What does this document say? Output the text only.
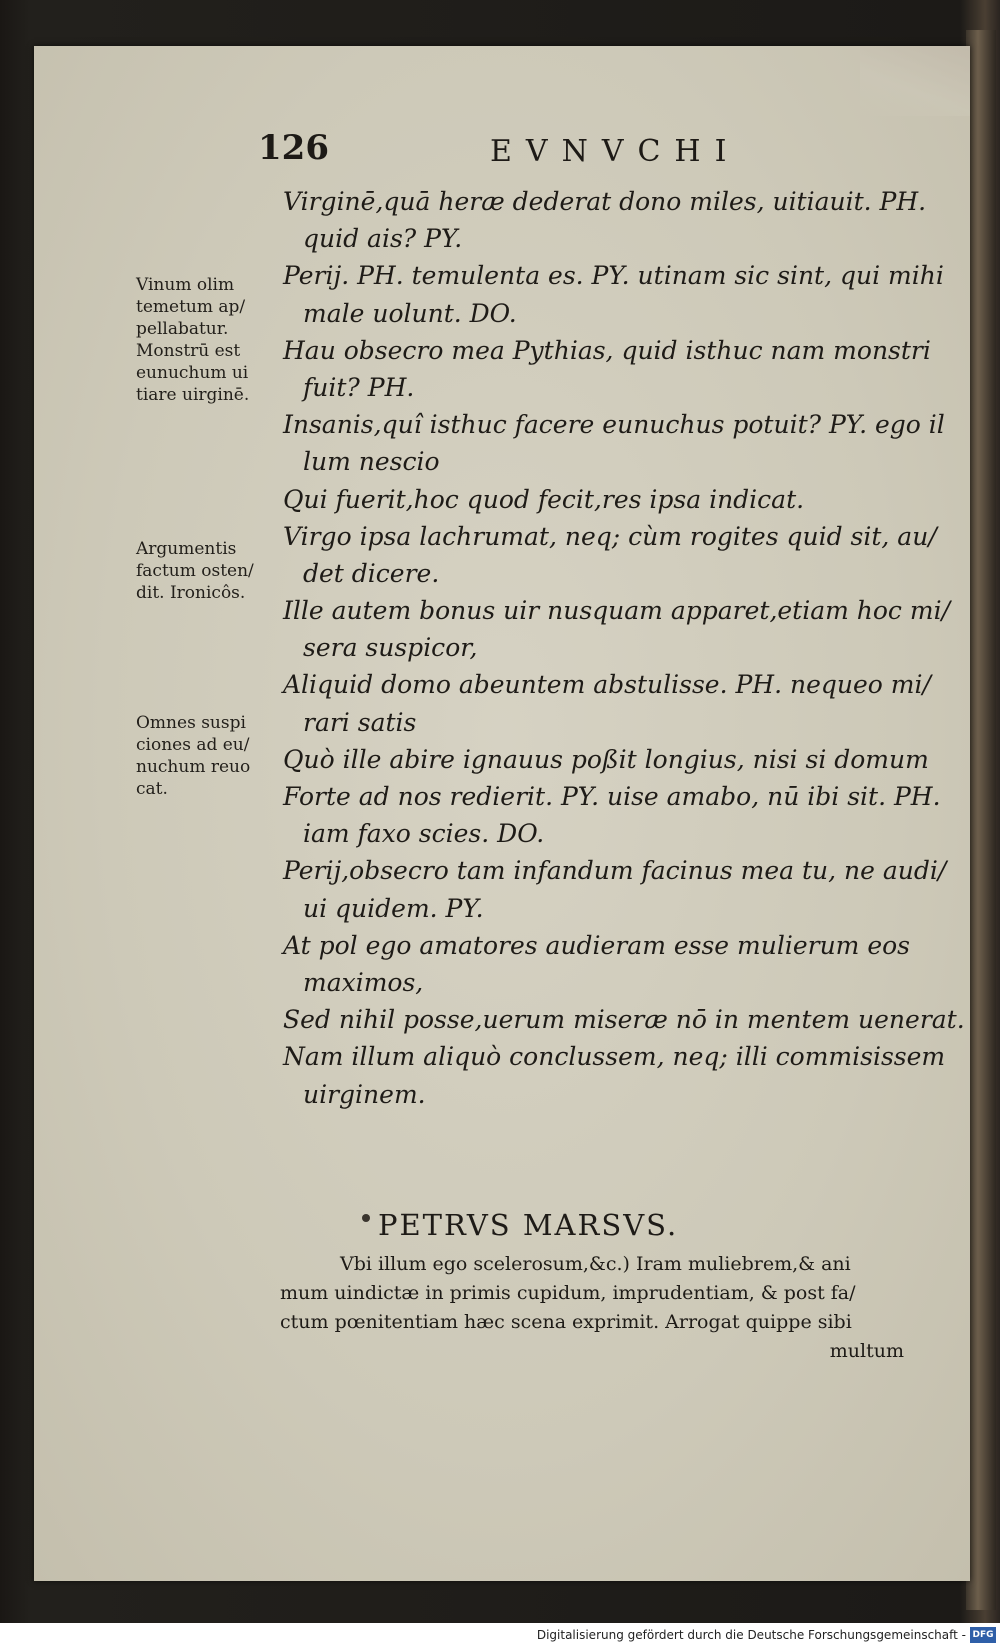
126	EVNVCHI
Virginē,quā heræ dederat dono miles, uitiauit. PH.
quid ais? PY.
Perij. PH. temulenta es. PY. utinam sic sint, qui mihi
male uolunt. DO.
Hau obsecro mea Pythias, quid isthuc nam monstri
fuit? PH.
Insanis,quî isthuc facere eunuchus potuit? PY. ego il
lum nescio
Qui fuerit,hoc quod fecit,res ipsa indicat.
Virgo ipsa lachrumat, neq; cùm rogites quid sit, au/
det dicere.
Ille autem bonus uir nusquam apparet,etiam hoc mi/
sera suspicor,
Aliquid domo abeuntem abstulisse. PH. nequeo mi/
rari satis
Quò ille abire ignauus poßit longius, nisi si domum
Forte ad nos redierit. PY. uise amabo, nū ibi sit. PH.
iam faxo scies. DO.
Perij,obsecro tam infandum facinus mea tu, ne audi/
ui quidem. PY.
At pol ego amatores audieram esse mulierum eos
maximos,
Sed nihil posse,uerum miseræ nō in mentem uenerat.
Nam illum aliquò conclussem, neq; illi commisissem
uirginem.
Vinum olim temetum ap/ pellabatur. Monstrū est eunuchum ui tiare uirginē.
Argumentis factum osten/ dit. Ironicôs.
Omnes suspi ciones ad eu/ nuchum reuo cat.
PETRVS MARSVS.
Vbi illum ego scelerosum,&c.) Iram muliebrem,& ani
mum uindictæ in primis cupidum, imprudentiam, & post fa/
ctum pœnitentiam hæc scena exprimit. Arrogat quippe sibi
multum
Digitalisierung gefördert durch die Deutsche Forschungsgemeinschaft - DFG
